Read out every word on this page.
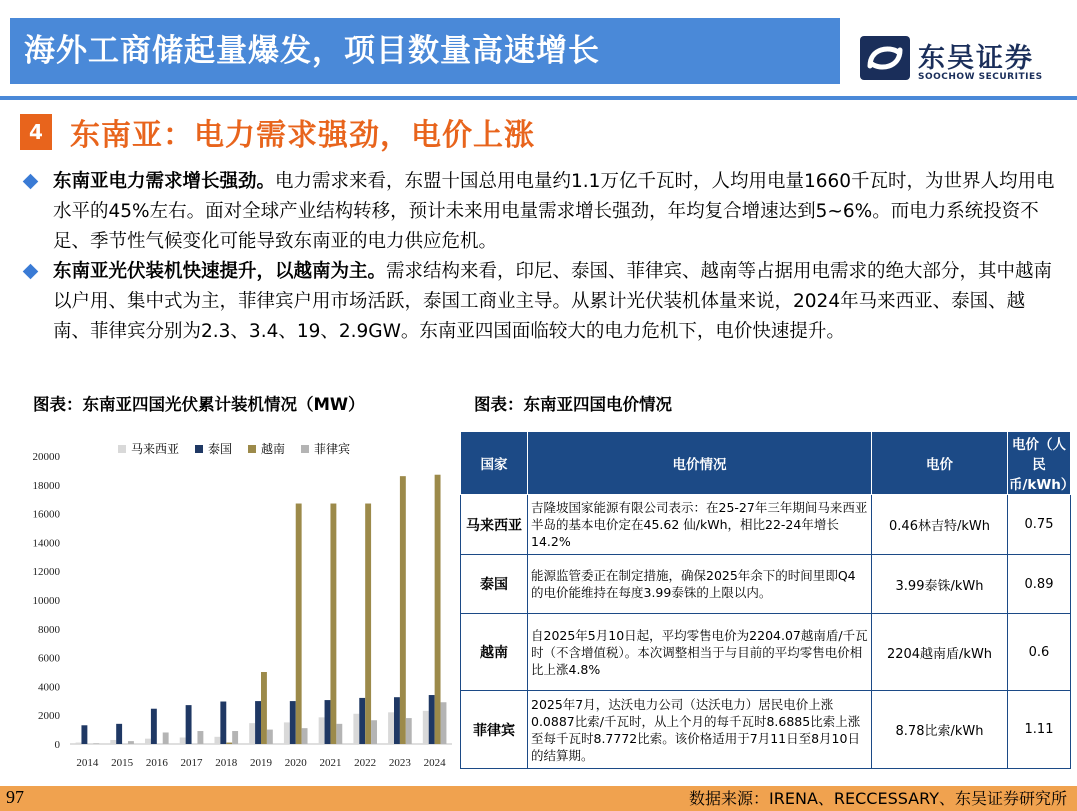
海外工商储起量爆发，项目数量高速增长	东吴证券
SOOCHOW SECURITIES
4 东南亚：电力需求强劲，电价上涨
东南亚电力需求增长强劲。电力需求来看，东盟十国总用电量约1.1万亿千瓦时，人均用电量1660千瓦时，为世界人均用电水平的45%左右。面对全球产业结构转移，预计未来用电量需求增长强劲，年均复合增速达到5~6%。而电力系统投资不足、季节性气候变化可能导致东南亚的电力供应危机。
东南亚光伏装机快速提升，以越南为主。需求结构来看，印尼、泰国、菲律宾、越南等占据用电需求的绝大部分，其中越南以户用、集中式为主，菲律宾户用市场活跃，泰国工商业主导。从累计光伏装机体量来说，2024年马来西亚、泰国、越南、菲律宾分别为2.3、3.4、19、2.9GW。东南亚四国面临较大的电力危机下，电价快速提升。
图表：东南亚四国光伏累计装机情况（MW）	图表：东南亚四国电价情况
马来西亚 泰国 越南 菲律宾
0
2000
4000
6000
8000
10000
12000
14000
16000
18000
20000
2014 2015 2016 2017 2018 2019 2020 2021 2022 2023 2024
国家	电价情况	电价	电价（人民币/kWh）
马来西亚	吉隆坡国家能源有限公司表示：在25-27年三年期间马来西亚半岛的基本电价定在45.62 仙/kWh，相比22-24年增长14.2%	0.46林吉特/kWh	0.75
泰国	能源监管委正在制定措施，确保2025年余下的时间里即Q4的电价能维持在每度3.99泰铢的上限以内。	3.99泰铢/kWh	0.89
越南	自2025年5月10日起，平均零售电价为2204.07越南盾/千瓦时（不含增值税）。本次调整相当于与目前的平均零售电价相比上涨4.8%	2204越南盾/kWh	0.6
菲律宾	2025年7月，达沃电力公司（达沃电力）居民电价上涨0.0887比索/千瓦时，从上个月的每千瓦时8.6885比索上涨至每千瓦时8.7772比索。该价格适用于7月11日至8月10日的结算期。	8.78比索/kWh	1.11
97	数据来源：IRENA、RECCESSARY、东吴证券研究所
